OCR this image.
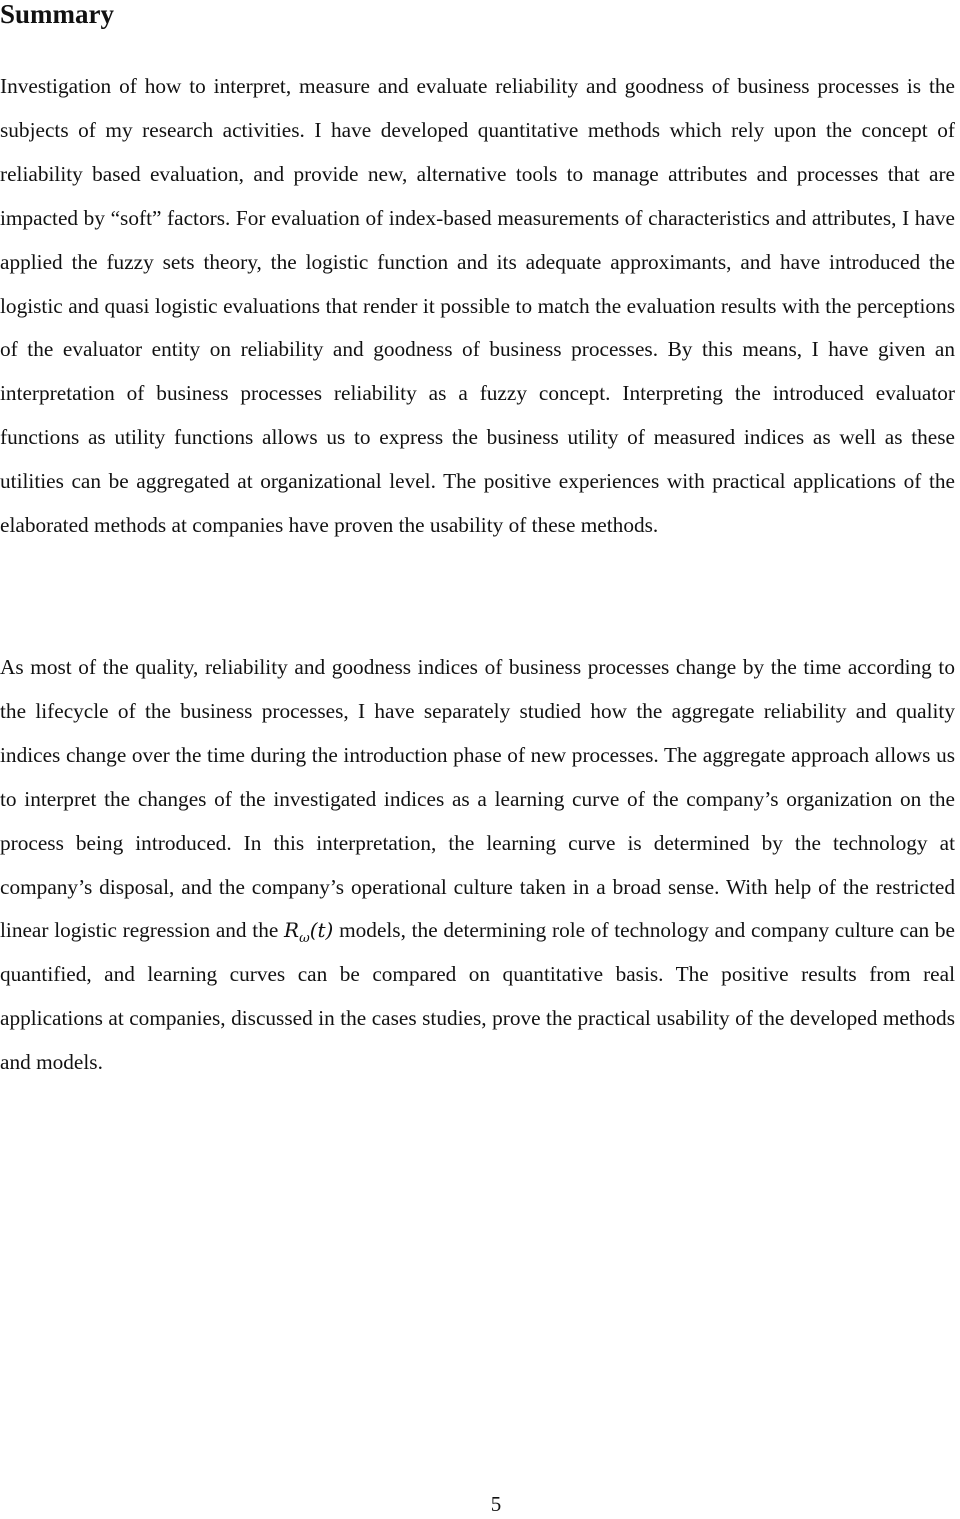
Summary

Investigation of how to interpret, measure and evaluate reliability and goodness of business processes is the subjects of my research activities. I have developed quantitative methods which rely upon the concept of reliability based evaluation, and provide new, alternative tools to manage attributes and processes that are impacted by “soft” factors. For evaluation of index-based measurements of characteristics and attributes, I have applied the fuzzy sets theory, the logistic function and its adequate approximants, and have introduced the logistic and quasi logistic evaluations that render it possible to match the evaluation results with the perceptions of the evaluator entity on reliability and goodness of business processes. By this means, I have given an interpretation of business processes reliability as a fuzzy concept. Interpreting the introduced evaluator functions as utility functions allows us to express the business utility of measured indices as well as these utilities can be aggregated at organizational level. The positive experiences with practical applications of the elaborated methods at companies have proven the usability of these methods.

As most of the quality, reliability and goodness indices of business processes change by the time according to the lifecycle of the business processes, I have separately studied how the aggregate reliability and quality indices change over the time during the introduction phase of new processes. The aggregate approach allows us to interpret the changes of the investigated indices as a learning curve of the company’s organization on the process being introduced. In this interpretation, the learning curve is determined by the technology at company’s disposal, and the company’s operational culture taken in a broad sense. With help of the restricted linear logistic regression and the $R_\omega(t)$ models, the determining role of technology and company culture can be quantified, and learning curves can be compared on quantitative basis. The positive results from real applications at companies, discussed in the cases studies, prove the practical usability of the developed methods and models.

5
